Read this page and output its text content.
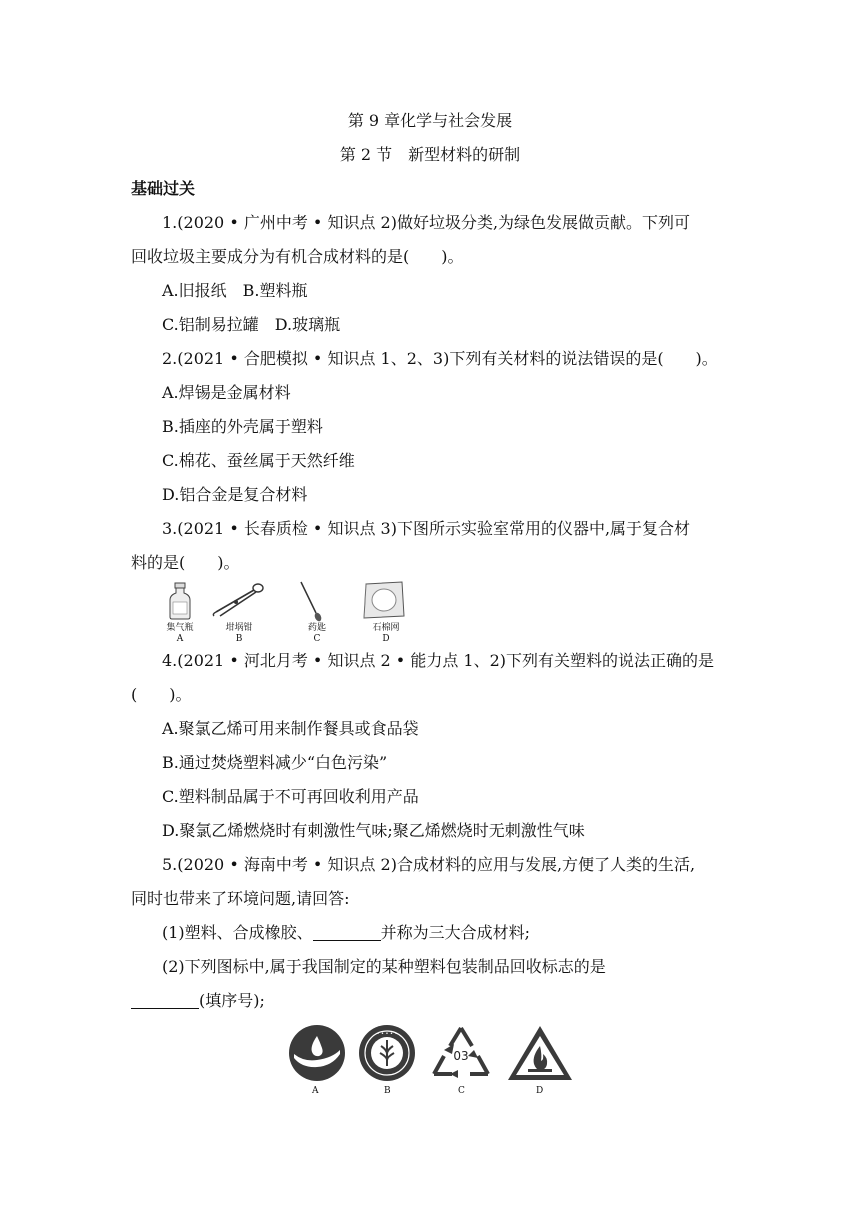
第 9 章化学与社会发展
第 2 节　新型材料的研制
基础过关
1.(2020 • 广州中考 • 知识点 2)做好垃圾分类,为绿色发展做贡献。下列可
回收垃圾主要成分为有机合成材料的是(　　)。
A.旧报纸　B.塑料瓶
C.铝制易拉罐　D.玻璃瓶
2.(2021 • 合肥模拟 • 知识点 1、2、3)下列有关材料的说法错误的是(　　)。
A.焊锡是金属材料
B.插座的外壳属于塑料
C.棉花、蚕丝属于天然纤维
D.铝合金是复合材料
3.(2021 • 长春质检 • 知识点 3)下图所示实验室常用的仪器中,属于复合材
料的是(　　)。
集气瓶	坩埚钳	药匙	石棉网
A	B	C	D
4.(2021 • 河北月考 • 知识点 2 • 能力点 1、2)下列有关塑料的说法正确的是
(　　)。
A.聚氯乙烯可用来制作餐具或食品袋
B.通过焚烧塑料减少“白色污染”
C.塑料制品属于不可再回收利用产品
D.聚氯乙烯燃烧时有刺激性气味;聚乙烯燃烧时无刺激性气味
5.(2020 • 海南中考 • 知识点 2)合成材料的应用与发展,方便了人类的生活,
同时也带来了环境问题,请回答:
(1)塑料、合成橡胶、	并称为三大合成材料;
(2)下列图标中,属于我国制定的某种塑料包装制品回收标志的是
(填序号);
• • • • •
03
A	B	C	D
